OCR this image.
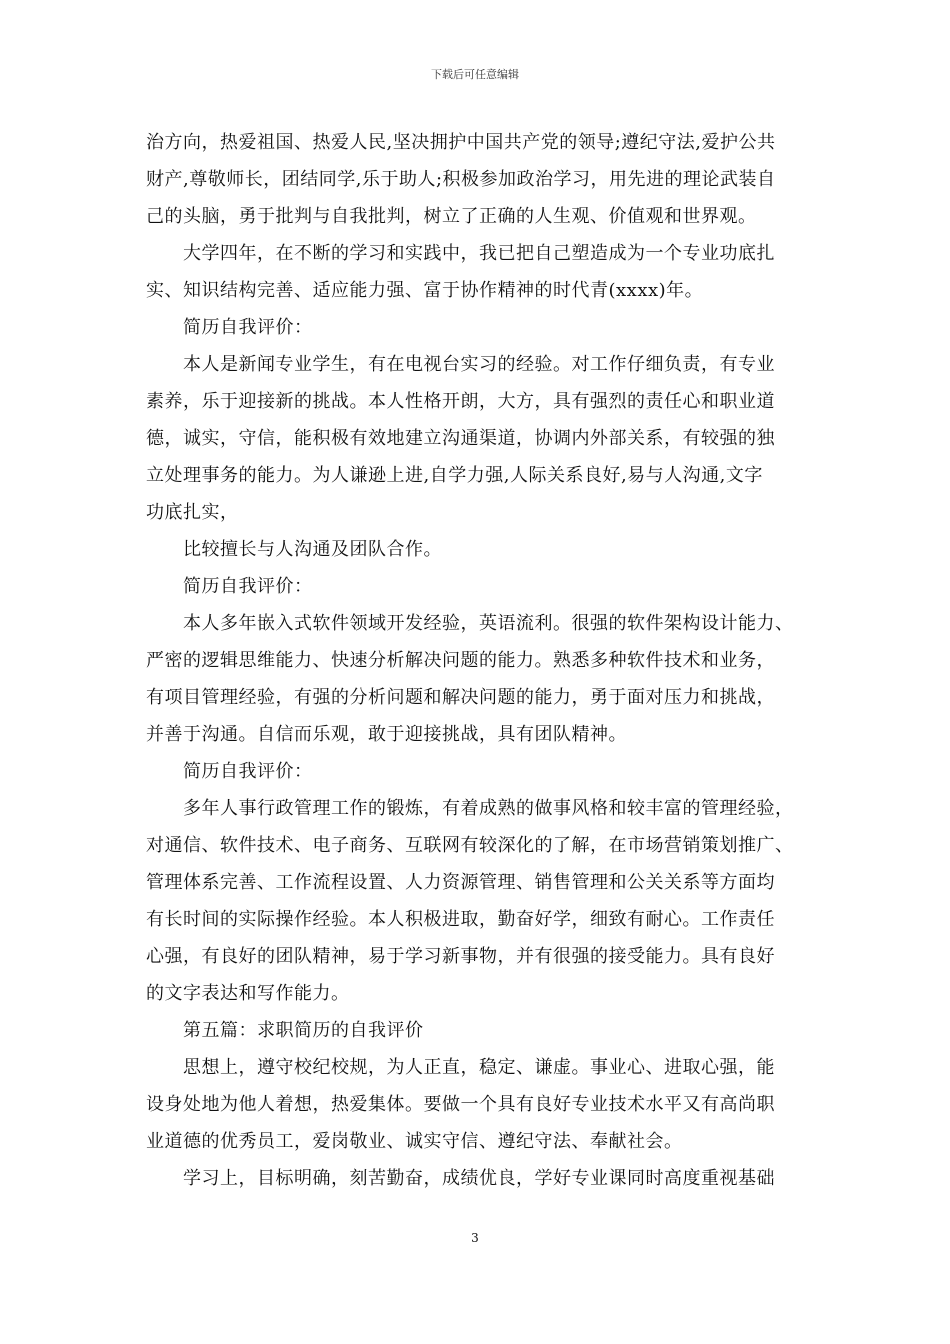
下载后可任意编辑
治方向，热爱祖国、热爱人民,坚决拥护中国共产党的领导;遵纪守法,爱护公共
财产,尊敬师长，团结同学,乐于助人;积极参加政治学习，用先进的理论武装自
己的头脑，勇于批判与自我批判，树立了正确的人生观、价值观和世界观。
大学四年，在不断的学习和实践中，我已把自己塑造成为一个专业功底扎
实、知识结构完善、适应能力强、富于协作精神的时代青(xxxx)年。
简历自我评价：
本人是新闻专业学生，有在电视台实习的经验。对工作仔细负责，有专业
素养，乐于迎接新的挑战。本人性格开朗，大方，具有强烈的责任心和职业道
德，诚实，守信，能积极有效地建立沟通渠道，协调内外部关系，有较强的独
立处理事务的能力。为人谦逊上进,自学力强,人际关系良好,易与人沟通,文字
功底扎实，
比较擅长与人沟通及团队合作。
简历自我评价：
本人多年嵌入式软件领域开发经验，英语流利。很强的软件架构设计能力、
严密的逻辑思维能力、快速分析解决问题的能力。熟悉多种软件技术和业务，
有项目管理经验，有强的分析问题和解决问题的能力，勇于面对压力和挑战，
并善于沟通。自信而乐观，敢于迎接挑战，具有团队精神。
简历自我评价：
多年人事行政管理工作的锻炼，有着成熟的做事风格和较丰富的管理经验，
对通信、软件技术、电子商务、互联网有较深化的了解，在市场营销策划推广、
管理体系完善、工作流程设置、人力资源管理、销售管理和公关关系等方面均
有长时间的实际操作经验。本人积极进取，勤奋好学，细致有耐心。工作责任
心强，有良好的团队精神，易于学习新事物，并有很强的接受能力。具有良好
的文字表达和写作能力。
第五篇：求职简历的自我评价
思想上，遵守校纪校规，为人正直，稳定、谦虚。事业心、进取心强，能
设身处地为他人着想，热爱集体。要做一个具有良好专业技术水平又有高尚职
业道德的优秀员工，爱岗敬业、诚实守信、遵纪守法、奉献社会。
学习上，目标明确，刻苦勤奋，成绩优良，学好专业课同时高度重视基础
3
